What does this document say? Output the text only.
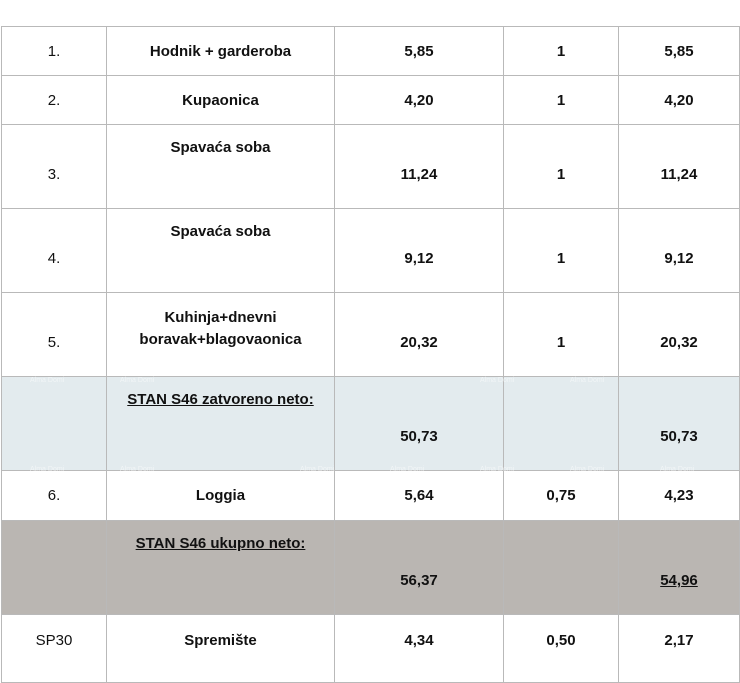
1.	Hodnik + garderoba	5,85	1	5,85
2.	Kupaonica	4,20	1	4,20
3.	Spavaća soba	11,24	1	11,24
4.	Spavaća soba	9,12	1	9,12
5.	Kuhinja+dnevni
boravak+blagovaonica	20,32	1	20,32
	STAN S46 zatvoreno neto:	50,73		50,73
6.	Loggia	5,64	0,75	4,23
	STAN S46 ukupno neto:	56,37		54,96
SP30	Spremište	4,34	0,50	2,17
Alma Domi	Alma Domi	Alma Domi	Alma Domi
Alma Domi	Alma Domi	Alma Domi	Alma Domi	Alma Domi	Alma Domi	Alma Domi
